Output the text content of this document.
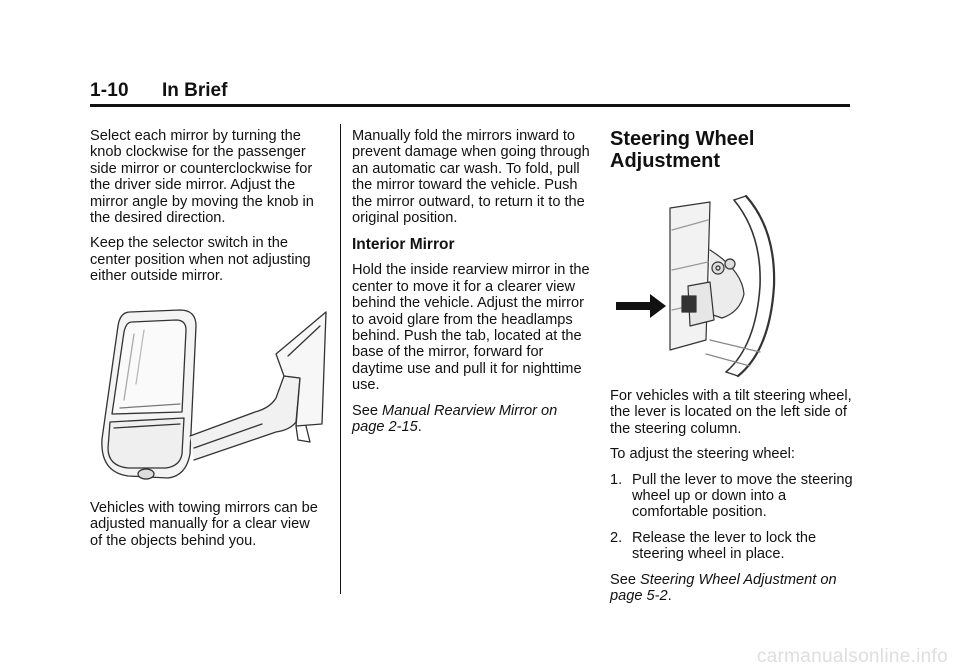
1-10 In Brief

Select each mirror by turning the knob clockwise for the passenger side mirror or counterclockwise for the driver side mirror. Adjust the mirror angle by moving the knob in the desired direction.

Keep the selector switch in the center position when not adjusting either outside mirror.

Vehicles with towing mirrors can be adjusted manually for a clear view of the objects behind you.

Manually fold the mirrors inward to prevent damage when going through an automatic car wash. To fold, pull the mirror toward the vehicle. Push the mirror outward, to return it to the original position.

Interior Mirror

Hold the inside rearview mirror in the center to move it for a clearer view behind the vehicle. Adjust the mirror to avoid glare from the headlamps behind. Push the tab, located at the base of the mirror, forward for daytime use and pull it for nighttime use.

See Manual Rearview Mirror on page 2-15.

Steering Wheel Adjustment

For vehicles with a tilt steering wheel, the lever is located on the left side of the steering column.

To adjust the steering wheel:

1. Pull the lever to move the steering wheel up or down into a comfortable position.
2. Release the lever to lock the steering wheel in place.

See Steering Wheel Adjustment on page 5-2.

carmanualsonline.info
